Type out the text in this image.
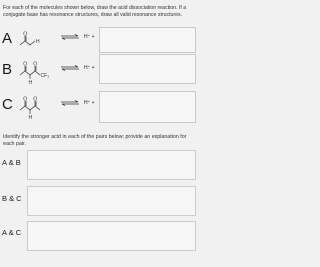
For each of the molecules shown below, draw the acid dissociation reaction. If a conjugate base has resonance structures, draw all valid resonance structures.
A O
H
H⁺ +
B O O
CF₃
H
H⁺ +
C O O
H
H⁺ +
Identify the stronger acid in each of the pairs below; provide an explanation for each pair.
A & B
B & C
A & C
